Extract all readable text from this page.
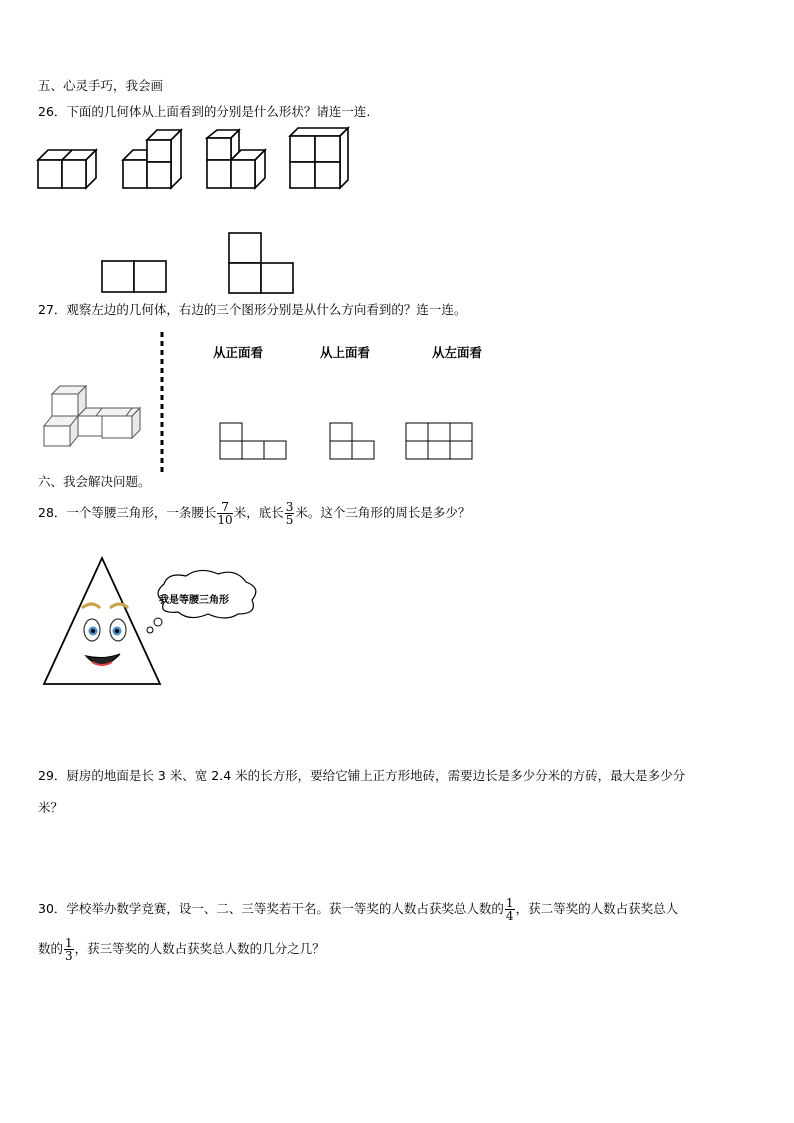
五、心灵手巧，我会画
26．下面的几何体从上面看到的分别是什么形状？请连一连.
27．观察左边的几何体，右边的三个图形分别是从什么方向看到的？连一连。
从正面看	从上面看	从左面看
六、我会解决问题。
28．一个等腰三角形，一条腰长 $\frac{7}{10}$ 米，底长 $\frac{3}{5}$ 米。这个三角形的周长是多少？
我是等腰三角形
29．厨房的地面是长 3 米、宽 2.4 米的长方形，要给它铺上正方形地砖，需要边长是多少分米的方砖，最大是多少分
米？
30．学校举办数学竞赛，设一、二、三等奖若干名。获一等奖的人数占获奖总人数的 $\frac{1}{4}$ ，获二等奖的人数占获奖总人
数的 $\frac{1}{3}$ ，获三等奖的人数占获奖总人数的几分之几？
